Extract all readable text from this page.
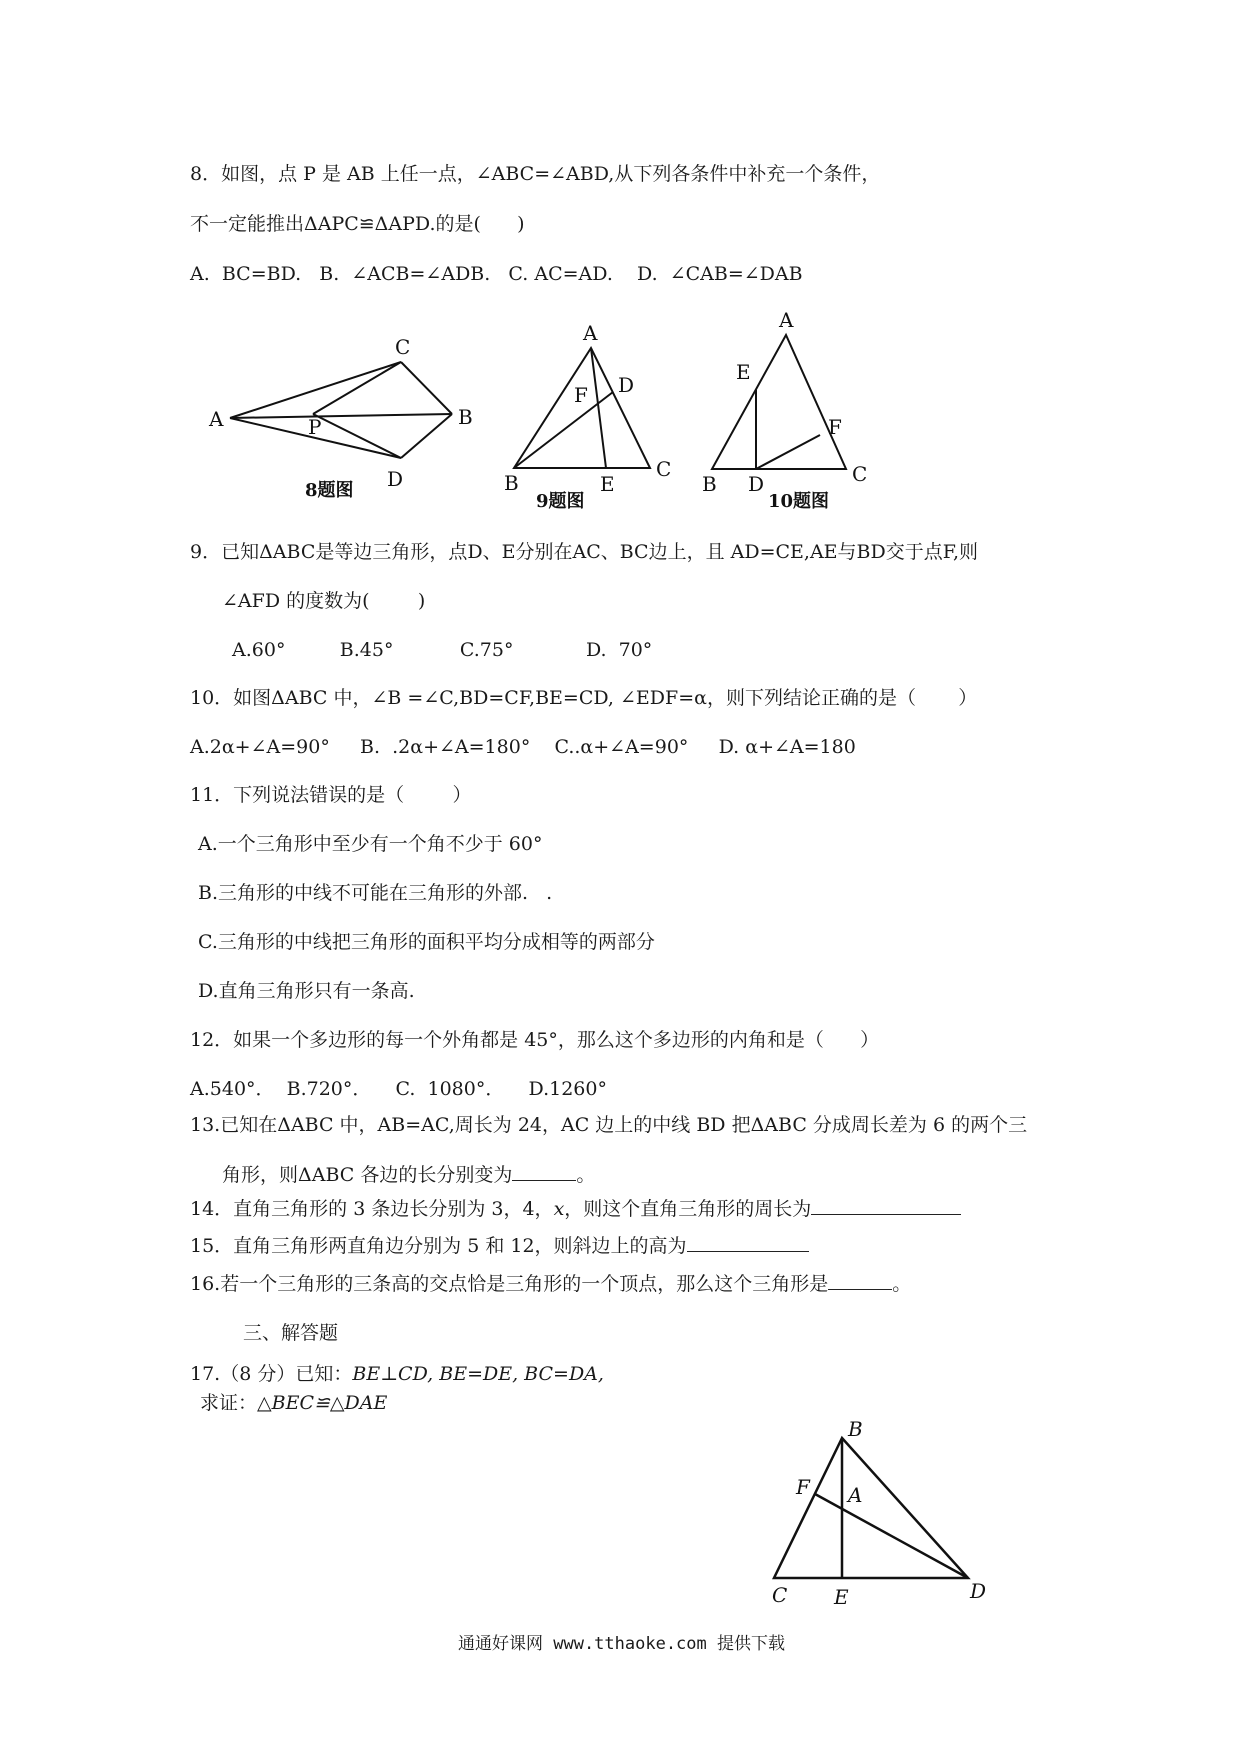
8．如图，点 P 是 AB 上任一点，∠ABC=∠ABD,从下列各条件中补充一个条件，
不一定能推出ΔAPC≌ΔAPD.的是(      )
A.  BC=BD.   B.  ∠ACB=∠ADB.   C. AC=AD.    D.  ∠CAB=∠DAB
A	B
C
D
P
8题图
A
B
C
D
E
F
9题图
A
B	C
D
E
F
10题图
9．已知ΔABC是等边三角形，点D、E分别在AC、BC边上，且 AD=CE,AE与BD交于点F,则
∠AFD 的度数为(        )
A.60°         B.45°           C.75°            D.  70°
10．如图ΔABC 中，∠B =∠C,BD=CF,BE=CD, ∠EDF=α，则下列结论正确的是（       ）
A.2α+∠A=90°     B.  .2α+∠A=180°    C..α+∠A=90°     D. α+∠A=180
11．下列说法错误的是（        ）
A.一个三角形中至少有一个角不少于 60°
B.三角形的中线不可能在三角形的外部.   .
C.三角形的中线把三角形的面积平均分成相等的两部分
D.直角三角形只有一条高.
12．如果一个多边形的每一个外角都是 45°，那么这个多边形的内角和是（      ）
A.540°．  B.720°．    C.  1080°．    D.1260°
13.已知在ΔABC 中，AB=AC,周长为 24，AC 边上的中线 BD 把ΔABC 分成周长差为 6 的两个三
角形，则ΔABC 各边的长分别变为	。
14．直角三角形的 3 条边长分别为 3，4，x，则这个直角三角形的周长为
15．直角三角形两直角边分别为 5 和 12，则斜边上的高为
16.若一个三角形的三条高的交点恰是三角形的一个顶点，那么这个三角形是	。
三、解答题
17.（8 分）已知：BE⊥CD, BE=DE, BC=DA,
求证：△BEC≌△DAE
B
F A
C E	D
通通好课网 www.tthaoke.com 提供下载
